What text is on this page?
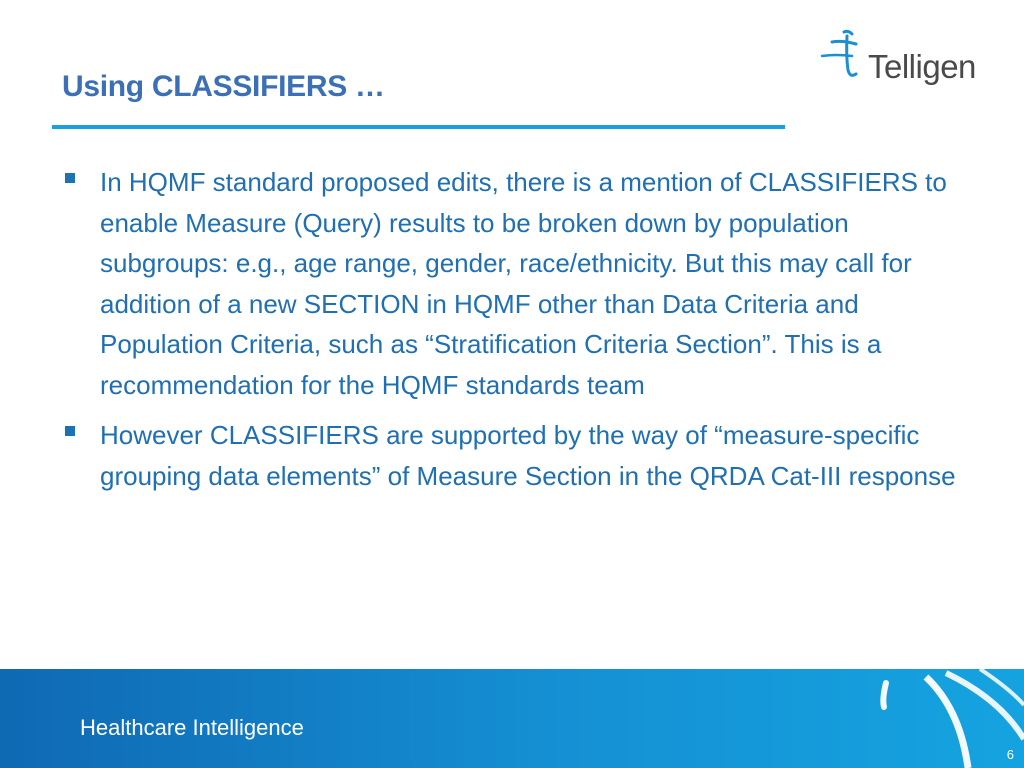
Using CLASSIFIERS …
Telligen
In HQMF standard proposed edits, there is a mention of CLASSIFIERS to enable Measure (Query) results to be broken down by population subgroups: e.g., age range, gender, race/ethnicity. But this may call for addition of a new SECTION in HQMF other than Data Criteria and Population Criteria, such as “Stratification Criteria Section”. This is a recommendation for the HQMF standards team
However CLASSIFIERS are supported by the way of “measure-specific grouping data elements” of Measure Section in the QRDA Cat-III response
Healthcare Intelligence
6
